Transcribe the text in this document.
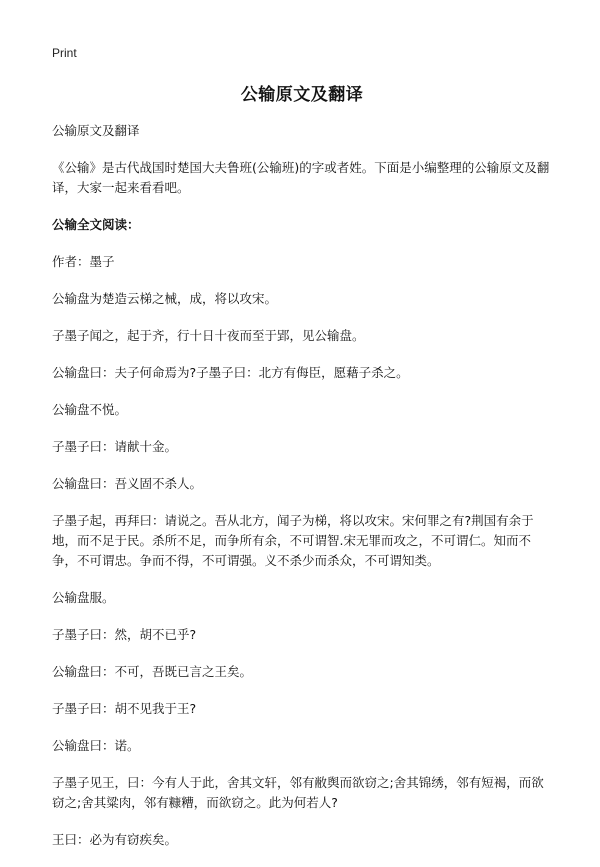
Print
公输原文及翻译

公输原文及翻译

《公输》是古代战国时楚国大夫鲁班(公输班)的字或者姓。下面是小编整理的公输原文及翻译，大家一起来看看吧。

公输全文阅读：

作者：墨子

公输盘为楚造云梯之械，成，将以攻宋。

子墨子闻之，起于齐，行十日十夜而至于郢，见公输盘。

公输盘曰：夫子何命焉为?子墨子曰：北方有侮臣，愿藉子杀之。

公输盘不悦。

子墨子曰：请献十金。

公输盘曰：吾义固不杀人。

子墨子起，再拜曰：请说之。吾从北方，闻子为梯，将以攻宋。宋何罪之有?荆国有余于地，而不足于民。杀所不足，而争所有余，不可谓智.宋无罪而攻之，不可谓仁。知而不争，不可谓忠。争而不得，不可谓强。义不杀少而杀众，不可谓知类。

公输盘服。

子墨子曰：然，胡不已乎?

公输盘曰：不可，吾既已言之王矣。

子墨子曰：胡不见我于王?

公输盘曰：诺。

子墨子见王，曰：今有人于此，舍其文轩，邻有敝舆而欲窃之;舍其锦绣，邻有短褐，而欲窃之;舍其粱肉，邻有糠糟，而欲窃之。此为何若人?

王曰：必为有窃疾矣。
